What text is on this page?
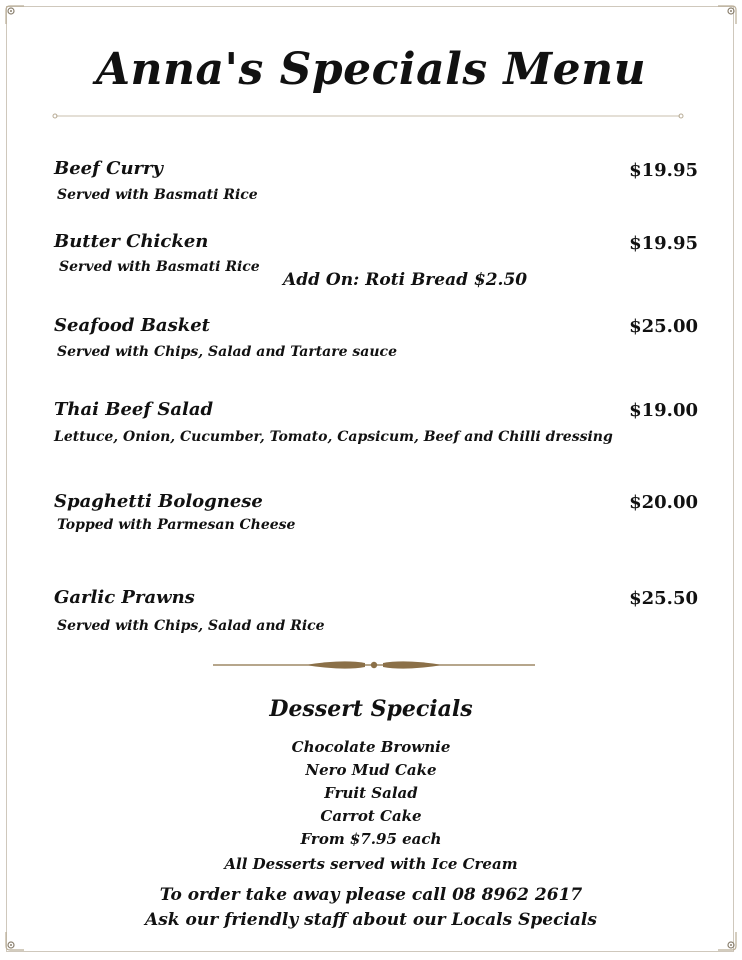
Anna's Specials Menu
Beef Curry	$19.95
Served with Basmati Rice
Butter Chicken	$19.95
Served with Basmati Rice
Add On: Roti Bread $2.50
Seafood Basket	$25.00
Served with Chips, Salad and Tartare sauce
Thai Beef Salad	$19.00
Lettuce, Onion, Cucumber, Tomato, Capsicum, Beef and Chilli dressing
Spaghetti Bolognese	$20.00
Topped with Parmesan Cheese
Garlic Prawns	$25.50
Served with Chips, Salad and Rice
Dessert Specials
Chocolate Brownie
Nero Mud Cake
Fruit Salad
Carrot Cake
From $7.95 each
All Desserts served with Ice Cream
To order take away please call 08 8962 2617
Ask our friendly staff about our Locals Specials
